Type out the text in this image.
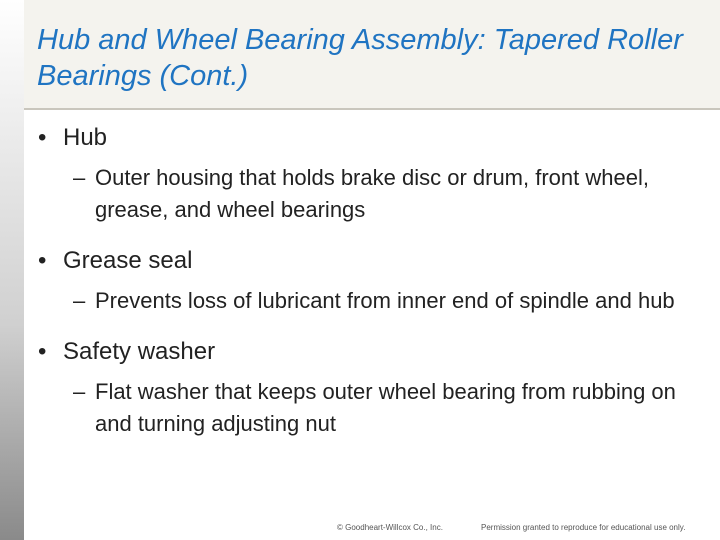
Hub and Wheel Bearing Assembly: Tapered Roller Bearings (Cont.)
• Hub
– Outer housing that holds brake disc or drum, front wheel, grease, and wheel bearings
• Grease seal
– Prevents loss of lubricant from inner end of spindle and hub
• Safety washer
– Flat washer that keeps outer wheel bearing from rubbing on and turning adjusting nut
© Goodheart-Willcox Co., Inc.	Permission granted to reproduce for educational use only.
